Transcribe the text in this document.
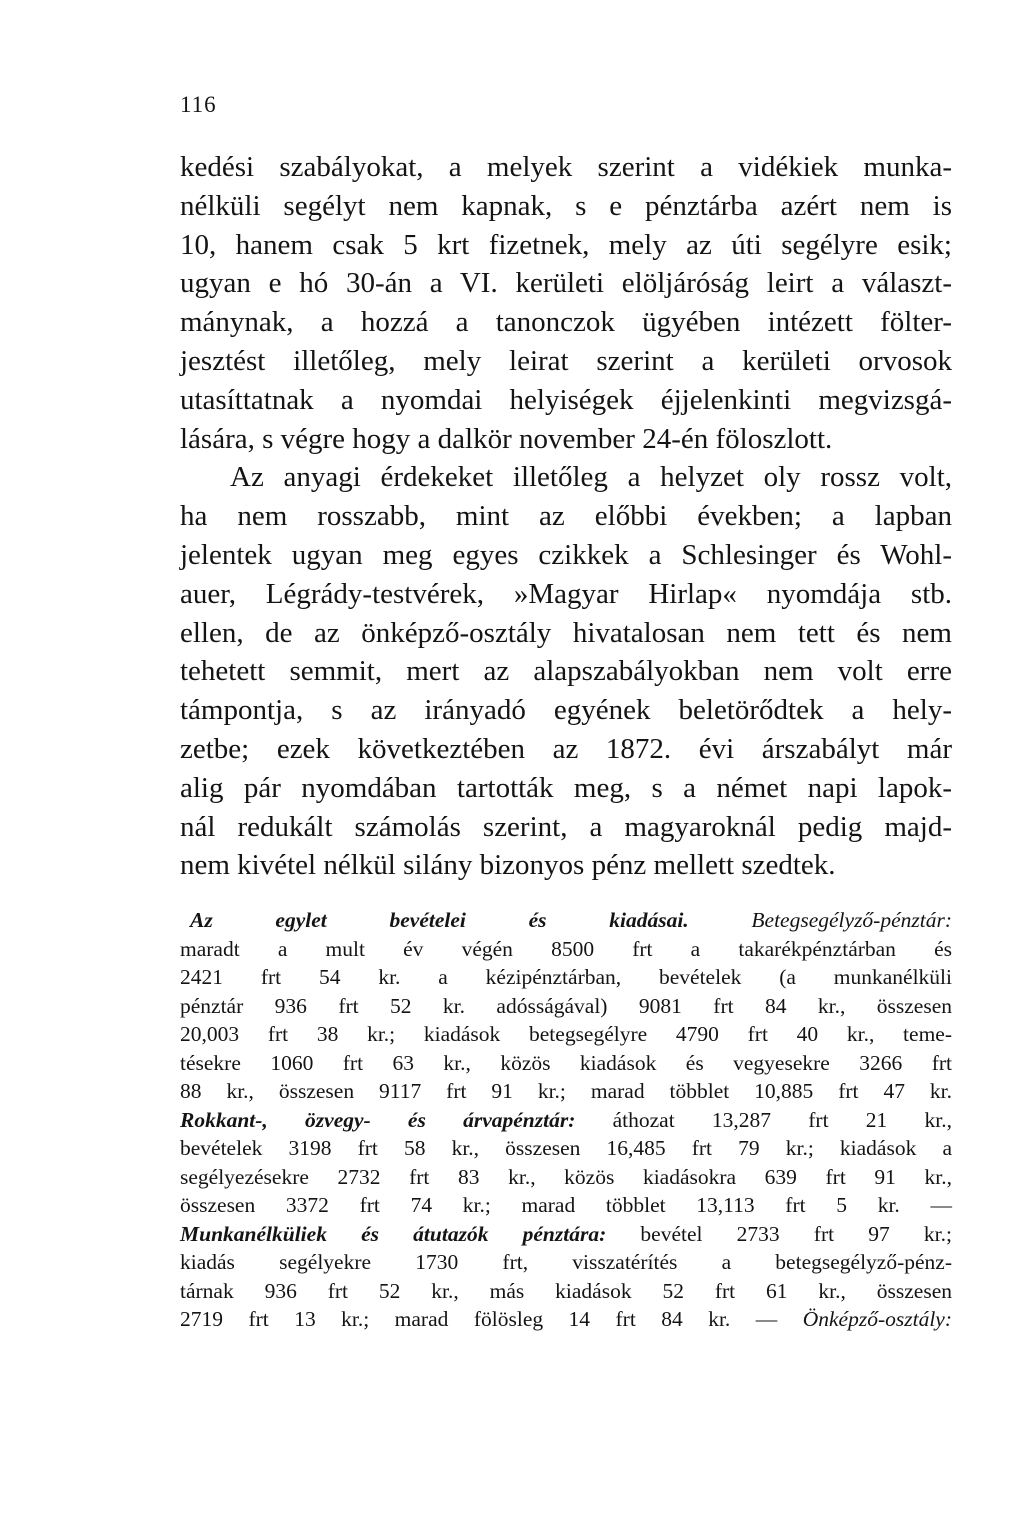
116
kedési szabályokat, a melyek szerint a vidékiek munka-
nélküli segélyt nem kapnak, s e pénztárba azért nem is
10, hanem csak 5 krt fizetnek, mely az úti segélyre esik;
ugyan e hó 30-án a VI. kerületi elöljáróság leirt a választ-
mánynak, a hozzá a tanonczok ügyében intézett fölter-
jesztést illetőleg, mely leirat szerint a kerületi orvosok
utasíttatnak a nyomdai helyiségek éjjelenkinti megvizsgá-
lására, s végre hogy a dalkör november 24-én föloszlott.
Az anyagi érdekeket illetőleg a helyzet oly rossz volt,
ha nem rosszabb, mint az előbbi években; a lapban
jelentek ugyan meg egyes czikkek a Schlesinger és Wohl-
auer, Légrády-testvérek, »Magyar Hirlap« nyomdája stb.
ellen, de az önképző-osztály hivatalosan nem tett és nem
tehetett semmit, mert az alapszabályokban nem volt erre
támpontja, s az irányadó egyének beletörődtek a hely-
zetbe; ezek következtében az 1872. évi árszabályt már
alig pár nyomdában tartották meg, s a német napi lapok-
nál redukált számolás szerint, a magyaroknál pedig majd-
nem kivétel nélkül silány bizonyos pénz mellett szedtek.
Az egylet bevételei és kiadásai.	Betegsegélyző-pénztár:
maradt a mult év végén 8500 frt a takarékpénztárban és
2421 frt 54 kr. a kézipénztárban, bevételek (a munkanélküli
pénztár 936 frt 52 kr. adósságával) 9081 frt 84 kr., összesen
20,003 frt 38 kr.; kiadások betegsegélyre 4790 frt 40 kr., teme-
tésekre 1060 frt 63 kr., közös kiadások és vegyesekre 3266 frt
88 kr., összesen 9117 frt 91 kr.; marad többlet 10,885 frt 47 kr.
Rokkant-, özvegy- és árvapénztár: áthozat 13,287 frt 21 kr.,
bevételek 3198 frt 58 kr., összesen 16,485 frt 79 kr.; kiadások a
segélyezésekre 2732 frt 83 kr., közös kiadásokra 639 frt 91 kr.,
összesen 3372 frt 74 kr.; marad többlet 13,113 frt 5 kr. —
Munkanélküliek és átutazók pénztára: bevétel 2733 frt 97 kr.;
kiadás segélyekre 1730 frt, visszatérítés a betegsegélyző-pénz-
tárnak 936 frt 52 kr., más kiadások 52 frt 61 kr., összesen
2719 frt 13 kr.; marad fölösleg 14 frt 84 kr. — Önképző-osztály:
